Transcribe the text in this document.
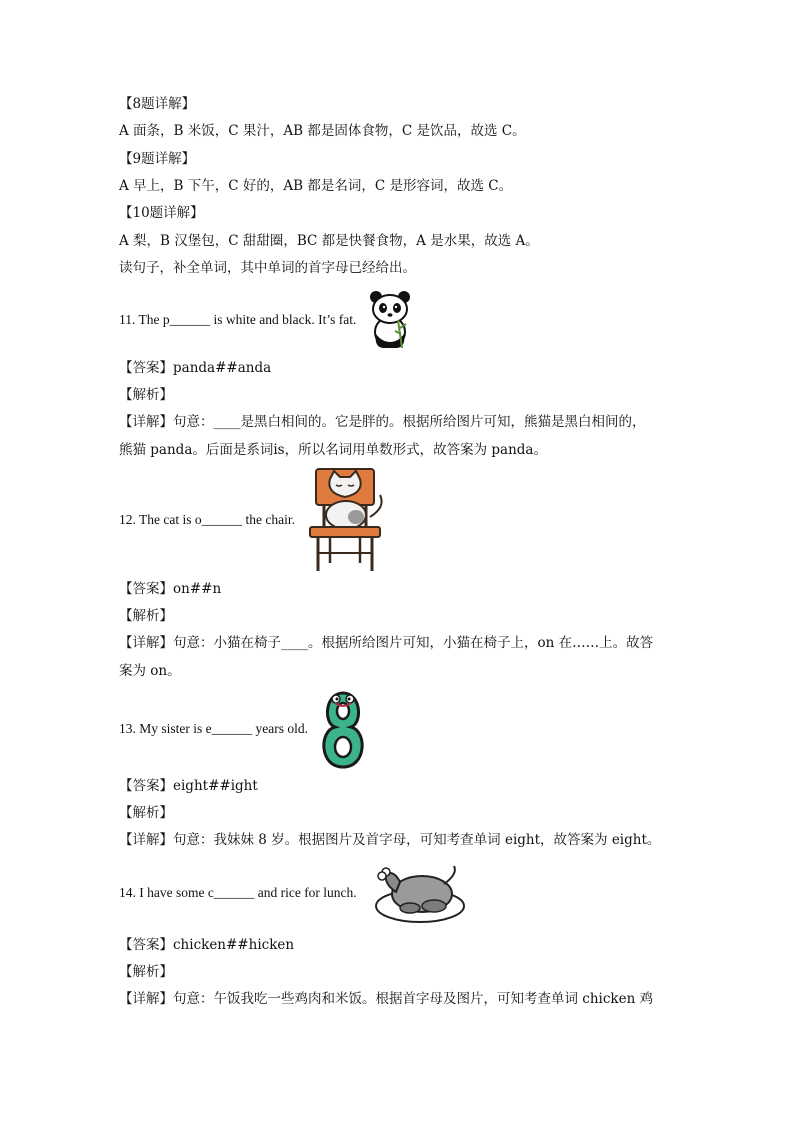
【8题详解】
A 面条，B 米饭，C 果汁，AB 都是固体食物，C 是饮品，故选 C。
【9题详解】
A 早上，B 下午，C 好的，AB 都是名词，C 是形容词，故选 C。
【10题详解】
A 梨，B 汉堡包，C 甜甜圈，BC 都是快餐食物，A 是水果，故选 A。
读句子，补全单词，其中单词的首字母已经给出。
11. The p______ is white and black. It’s fat.
【答案】panda##anda
【解析】
【详解】句意：____是黑白相间的。它是胖的。根据所给图片可知，熊猫是黑白相间的，
熊猫 panda。后面是系词is，所以名词用单数形式，故答案为 panda。
12. The cat is o______ the chair.
【答案】on##n
【解析】
【详解】句意：小猫在椅子____。根据所给图片可知，小猫在椅子上，on 在……上。故答
案为 on。
13. My sister is e______ years old.
【答案】eight##ight
【解析】
【详解】句意：我妹妹 8 岁。根据图片及首字母，可知考查单词 eight，故答案为 eight。
14. I have some c______ and rice for lunch.
【答案】chicken##hicken
【解析】
【详解】句意：午饭我吃一些鸡肉和米饭。根据首字母及图片，可知考查单词 chicken 鸡
